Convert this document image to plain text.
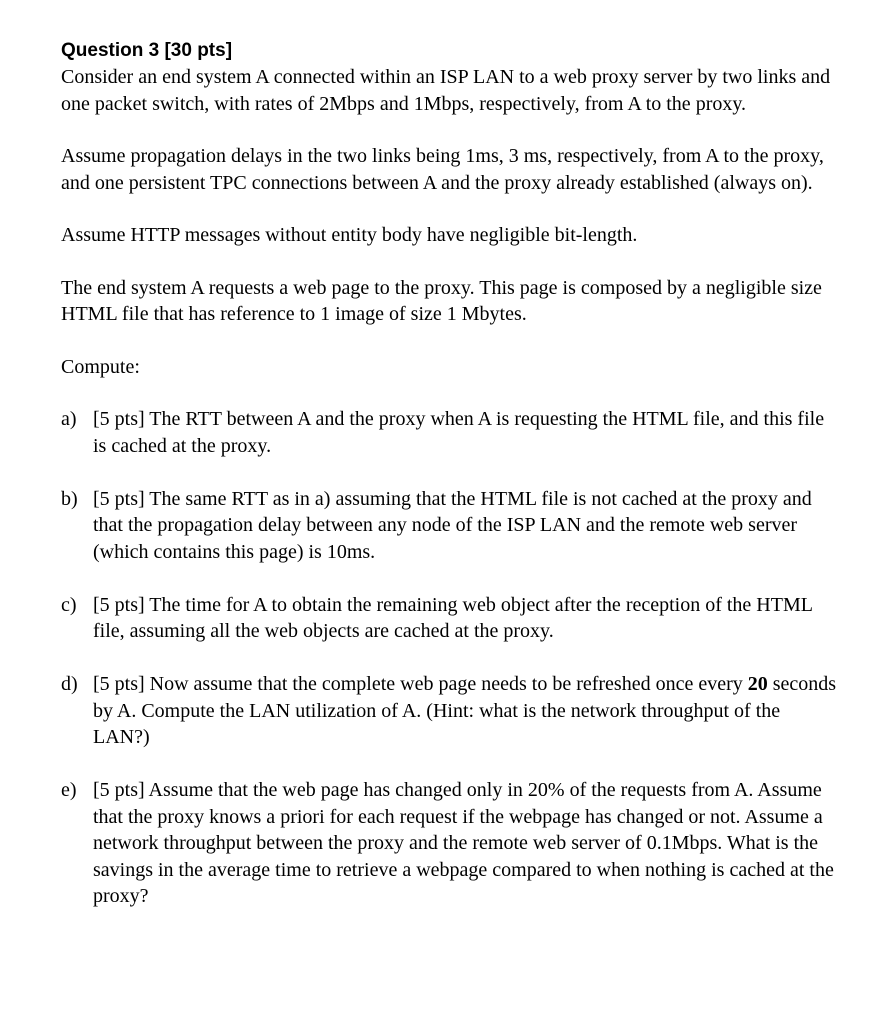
Question 3 [30 pts]

Consider an end system A connected within an ISP LAN to a web proxy server by two links and one packet switch, with rates of 2Mbps and 1Mbps, respectively, from A to the proxy.

Assume propagation delays in the two links being 1ms, 3 ms, respectively, from A to the proxy, and one persistent TPC connections between A and the proxy already established (always on).

Assume HTTP messages without entity body have negligible bit-length.

The end system A requests a web page to the proxy. This page is composed by a negligible size HTML file that has reference to 1 image of size 1 Mbytes.

Compute:

a) [5 pts] The RTT between A and the proxy when A is requesting the HTML file, and this file is cached at the proxy.
b) [5 pts] The same RTT as in a) assuming that the HTML file is not cached at the proxy and that the propagation delay between any node of the ISP LAN and the remote web server (which contains this page) is 10ms.
c) [5 pts] The time for A to obtain the remaining web object after the reception of the HTML file, assuming all the web objects are cached at the proxy.
d) [5 pts] Now assume that the complete web page needs to be refreshed once every 20 seconds by A. Compute the LAN utilization of A. (Hint: what is the network throughput of the LAN?)
e) [5 pts] Assume that the web page has changed only in 20% of the requests from A. Assume that the proxy knows a priori for each request if the webpage has changed or not. Assume a network throughput between the proxy and the remote web server of 0.1Mbps. What is the savings in the average time to retrieve a webpage compared to when nothing is cached at the proxy?
